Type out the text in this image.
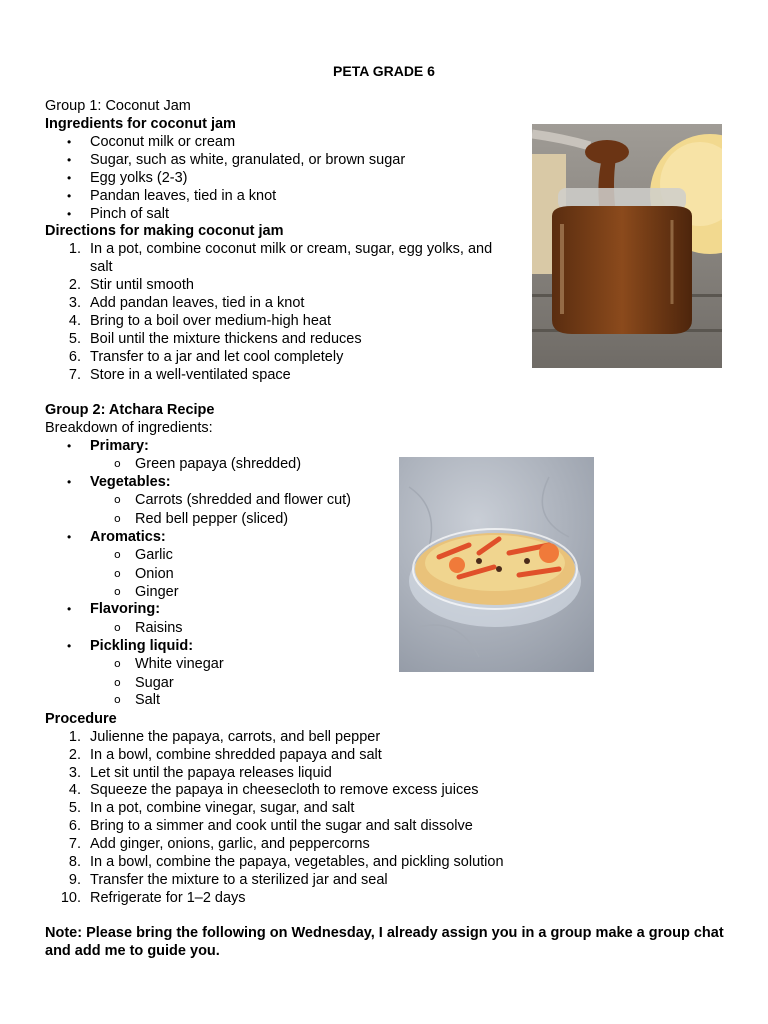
PETA GRADE 6
Group 1: Coconut Jam
Ingredients for coconut jam
• Coconut milk or cream
• Sugar, such as white, granulated, or brown sugar
• Egg yolks (2-3)
• Pandan leaves, tied in a knot
• Pinch of salt
Directions for making coconut jam
1. In a pot, combine coconut milk or cream, sugar, egg yolks, and
salt
2. Stir until smooth
3. Add pandan leaves, tied in a knot
4. Bring to a boil over medium-high heat
5. Boil until the mixture thickens and reduces
6. Transfer to a jar and let cool completely
7. Store in a well-ventilated space
Group 2: Atchara Recipe
Breakdown of ingredients:
• Primary:
o Green papaya (shredded)
• Vegetables:
o Carrots (shredded and flower cut)
o Red bell pepper (sliced)
• Aromatics:
o Garlic
o Onion
o Ginger
• Flavoring:
o Raisins
• Pickling liquid:
o White vinegar
o Sugar
o Salt
Procedure
1. Julienne the papaya, carrots, and bell pepper
2. In a bowl, combine shredded papaya and salt
3. Let sit until the papaya releases liquid
4. Squeeze the papaya in cheesecloth to remove excess juices
5. In a pot, combine vinegar, sugar, and salt
6. Bring to a simmer and cook until the sugar and salt dissolve
7. Add ginger, onions, garlic, and peppercorns
8. In a bowl, combine the papaya, vegetables, and pickling solution
9. Transfer the mixture to a sterilized jar and seal
10. Refrigerate for 1–2 days
Note: Please bring the following on Wednesday, I already assign you in a group make a group chat and add me to guide you.
